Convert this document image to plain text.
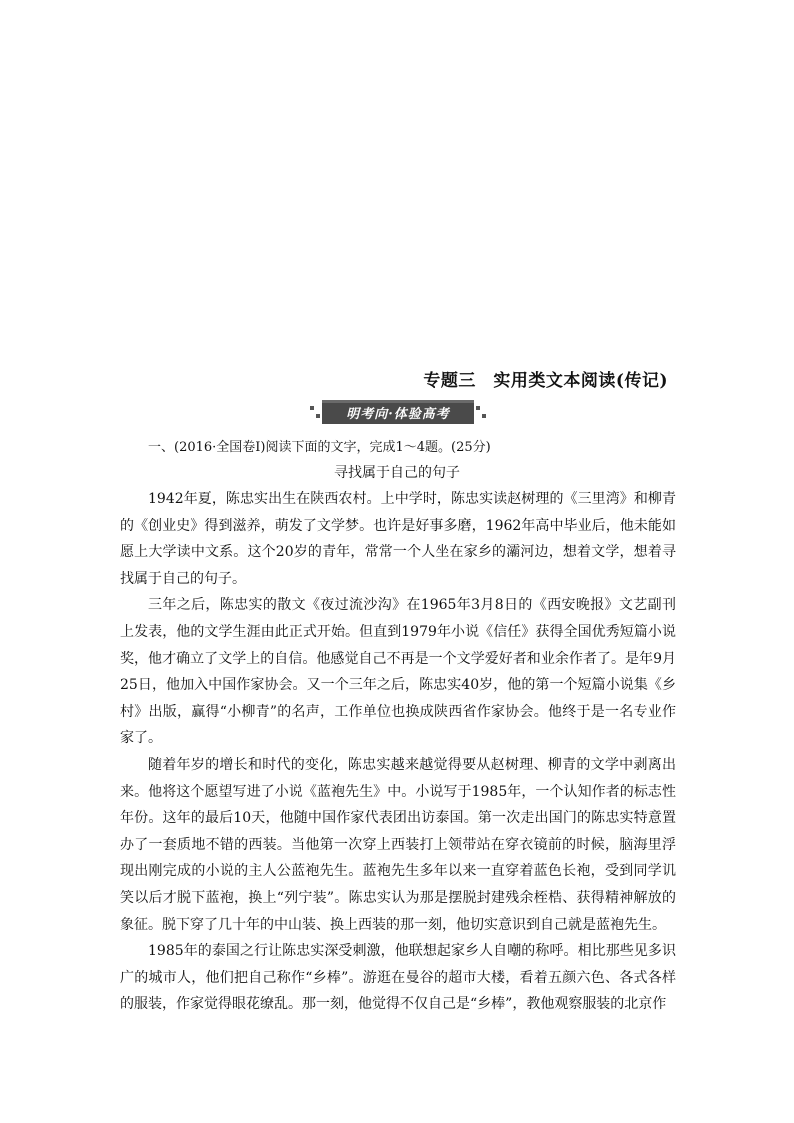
专题三　实用类文本阅读(传记)
明考向·体验高考
一、(2016·全国卷Ⅰ)阅读下面的文字，完成1～4题。(25分)
寻找属于自己的句子

1942年夏，陈忠实出生在陕西农村。上中学时，陈忠实读赵树理的《三里湾》和柳青的《创业史》得到滋养，萌发了文学梦。也许是好事多磨，1962年高中毕业后，他未能如愿上大学读中文系。这个20岁的青年，常常一个人坐在家乡的灞河边，想着文学，想着寻找属于自己的句子。

三年之后，陈忠实的散文《夜过流沙沟》在1965年3月8日的《西安晚报》文艺副刊上发表，他的文学生涯由此正式开始。但直到1979年小说《信任》获得全国优秀短篇小说奖，他才确立了文学上的自信。他感觉自己不再是一个文学爱好者和业余作者了。是年9月25日，他加入中国作家协会。又一个三年之后，陈忠实40岁，他的第一个短篇小说集《乡村》出版，赢得“小柳青”的名声，工作单位也换成陕西省作家协会。他终于是一名专业作家了。

随着年岁的增长和时代的变化，陈忠实越来越觉得要从赵树理、柳青的文学中剥离出来。他将这个愿望写进了小说《蓝袍先生》中。小说写于1985年，一个认知作者的标志性年份。这年的最后10天，他随中国作家代表团出访泰国。第一次走出国门的陈忠实特意置办了一套质地不错的西装。当他第一次穿上西装打上领带站在穿衣镜前的时候，脑海里浮现出刚完成的小说的主人公蓝袍先生。蓝袍先生多年以来一直穿着蓝色长袍，受到同学讥笑以后才脱下蓝袍，换上“列宁装”。陈忠实认为那是摆脱封建残余桎梏、获得精神解放的象征。脱下穿了几十年的中山装、换上西装的那一刻，他切实意识到自己就是蓝袍先生。

1985年的泰国之行让陈忠实深受刺激，他联想起家乡人自嘲的称呼。相比那些见多识广的城市人，他们把自己称作“乡棒”。游逛在曼谷的超市大楼，看着五颜六色、各式各样的服装，作家觉得眼花缭乱。那一刻，他觉得不仅自己是“乡棒”，教他观察服装的北京作
